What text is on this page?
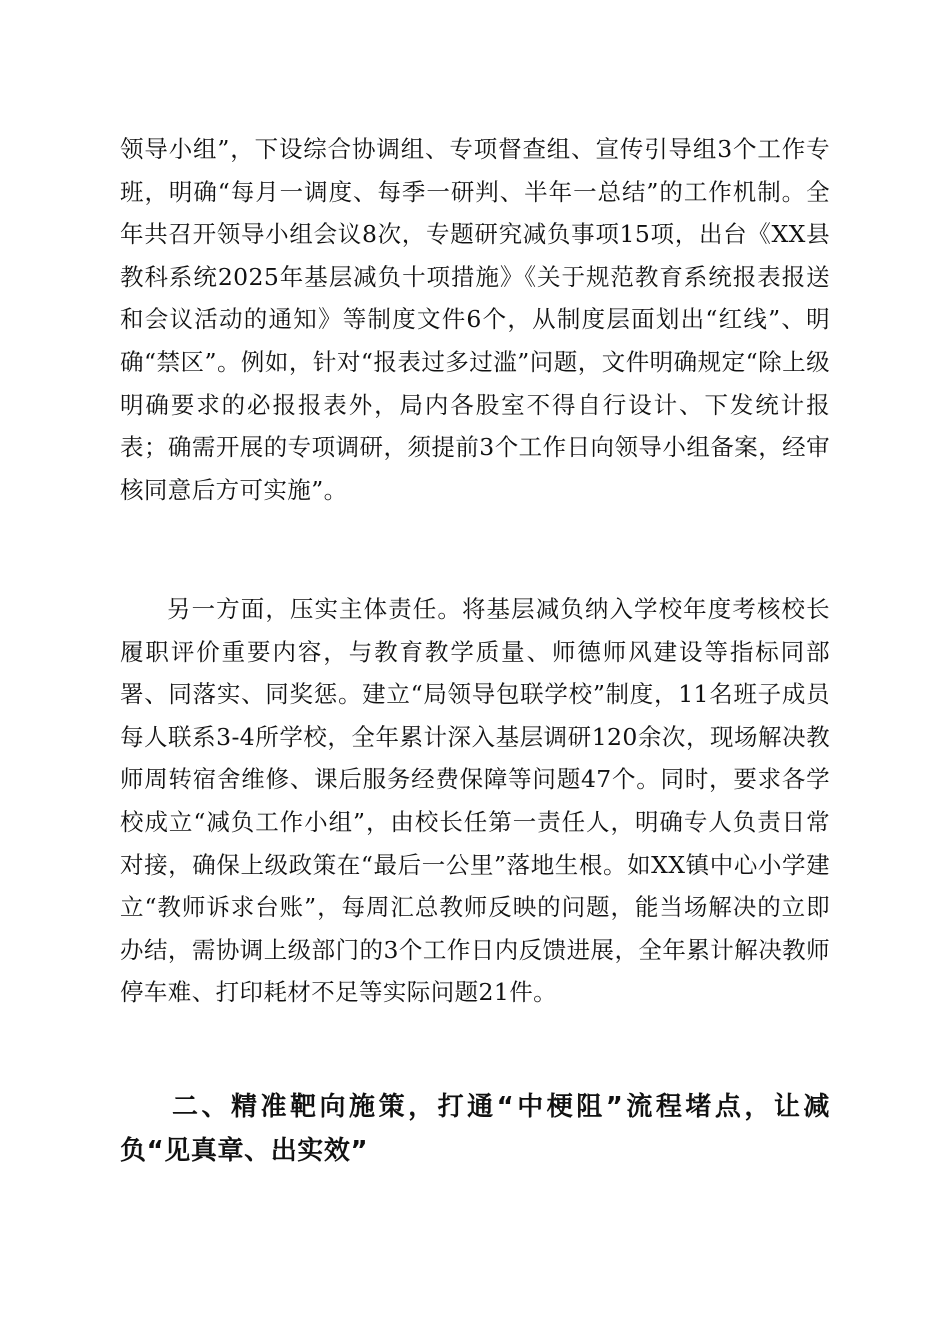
领导小组”，下设综合协调组、专项督查组、宣传引导组3个工作专班，明确“每月一调度、每季一研判、半年一总结”的工作机制。全年共召开领导小组会议8次，专题研究减负事项15项，出台《XX县教科系统2025年基层减负十项措施》《关于规范教育系统报表报送和会议活动的通知》等制度文件6个，从制度层面划出“红线”、明确“禁区”。例如，针对“报表过多过滥”问题，文件明确规定“除上级明确要求的必报报表外，局内各股室不得自行设计、下发统计报表；确需开展的专项调研，须提前3个工作日向领导小组备案，经审核同意后方可实施”。

另一方面，压实主体责任。将基层减负纳入学校年度考核校长履职评价重要内容，与教育教学质量、师德师风建设等指标同部署、同落实、同奖惩。建立“局领导包联学校”制度，11名班子成员每人联系3-4所学校，全年累计深入基层调研120余次，现场解决教师周转宿舍维修、课后服务经费保障等问题47个。同时，要求各学校成立“减负工作小组”，由校长任第一责任人，明确专人负责日常对接，确保上级政策在“最后一公里”落地生根。如XX镇中心小学建立“教师诉求台账”，每周汇总教师反映的问题，能当场解决的立即办结，需协调上级部门的3个工作日内反馈进展，全年累计解决教师停车难、打印耗材不足等实际问题21件。

二、精准靶向施策，打通“中梗阻”流程堵点，让减负“见真章、出实效”
